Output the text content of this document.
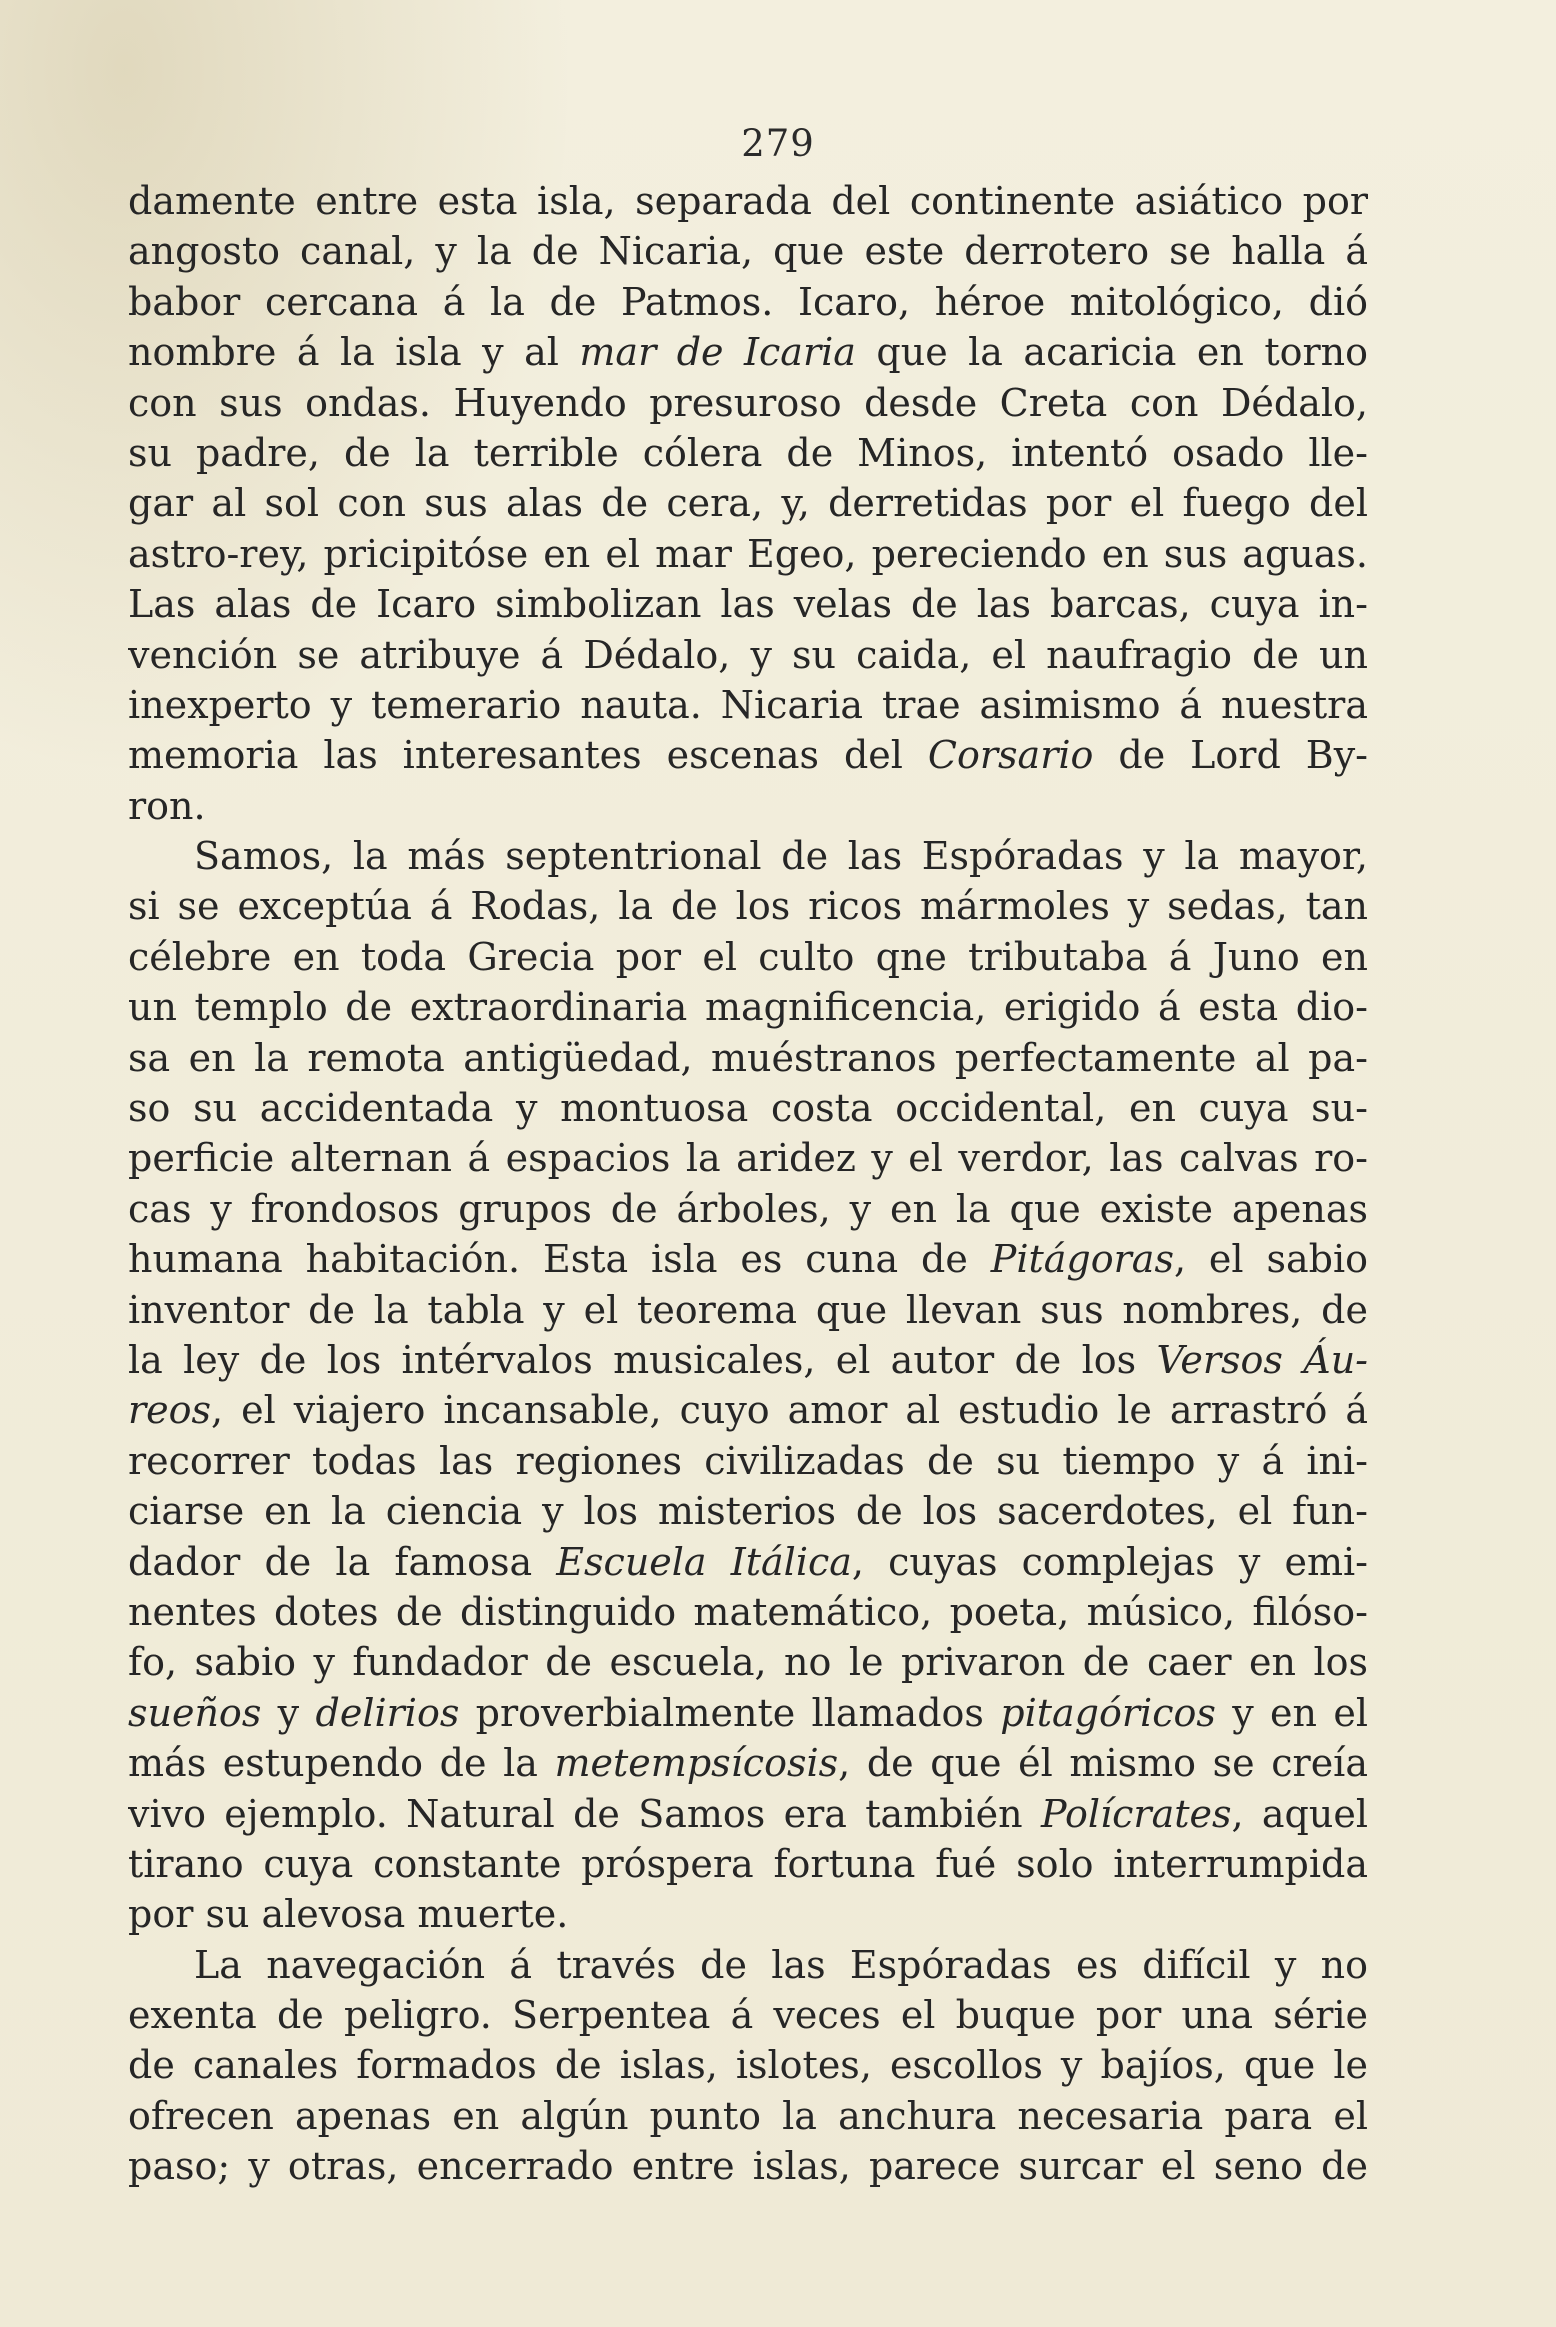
279
damente entre esta isla, separada del continente asiático por
angosto canal, y la de Nicaria, que este derrotero se halla á
babor cercana á la de Patmos. Icaro, héroe mitológico, dió
nombre á la isla y al mar de Icaria que la acaricia en torno
con sus ondas. Huyendo presuroso desde Creta con Dédalo,
su padre, de la terrible cólera de Minos, intentó osado lle-
gar al sol con sus alas de cera, y, derretidas por el fuego del
astro-rey, pricipitóse en el mar Egeo, pereciendo en sus aguas.
Las alas de Icaro simbolizan las velas de las barcas, cuya in-
vención se atribuye á Dédalo, y su caida, el naufragio de un
inexperto y temerario nauta. Nicaria trae asimismo á nuestra
memoria las interesantes escenas del Corsario de Lord By-
ron.
Samos, la más septentrional de las Espóradas y la mayor,
si se exceptúa á Rodas, la de los ricos mármoles y sedas, tan
célebre en toda Grecia por el culto qne tributaba á Juno en
un templo de extraordinaria magnificencia, erigido á esta dio-
sa en la remota antigüedad, muéstranos perfectamente al pa-
so su accidentada y montuosa costa occidental, en cuya su-
perficie alternan á espacios la aridez y el verdor, las calvas ro-
cas y frondosos grupos de árboles, y en la que existe apenas
humana habitación. Esta isla es cuna de Pitágoras, el sabio
inventor de la tabla y el teorema que llevan sus nombres, de
la ley de los intérvalos musicales, el autor de los Versos Áu-
reos, el viajero incansable, cuyo amor al estudio le arrastró á
recorrer todas las regiones civilizadas de su tiempo y á ini-
ciarse en la ciencia y los misterios de los sacerdotes, el fun-
dador de la famosa Escuela Itálica, cuyas complejas y emi-
nentes dotes de distinguido matemático, poeta, músico, filóso-
fo, sabio y fundador de escuela, no le privaron de caer en los
sueños y delirios proverbialmente llamados pitagóricos y en el
más estupendo de la metempsícosis, de que él mismo se creía
vivo ejemplo. Natural de Samos era también Polícrates, aquel
tirano cuya constante próspera fortuna fué solo interrumpida
por su alevosa muerte.
La navegación á través de las Espóradas es difícil y no
exenta de peligro. Serpentea á veces el buque por una série
de canales formados de islas, islotes, escollos y bajíos, que le
ofrecen apenas en algún punto la anchura necesaria para el
paso; y otras, encerrado entre islas, parece surcar el seno de
